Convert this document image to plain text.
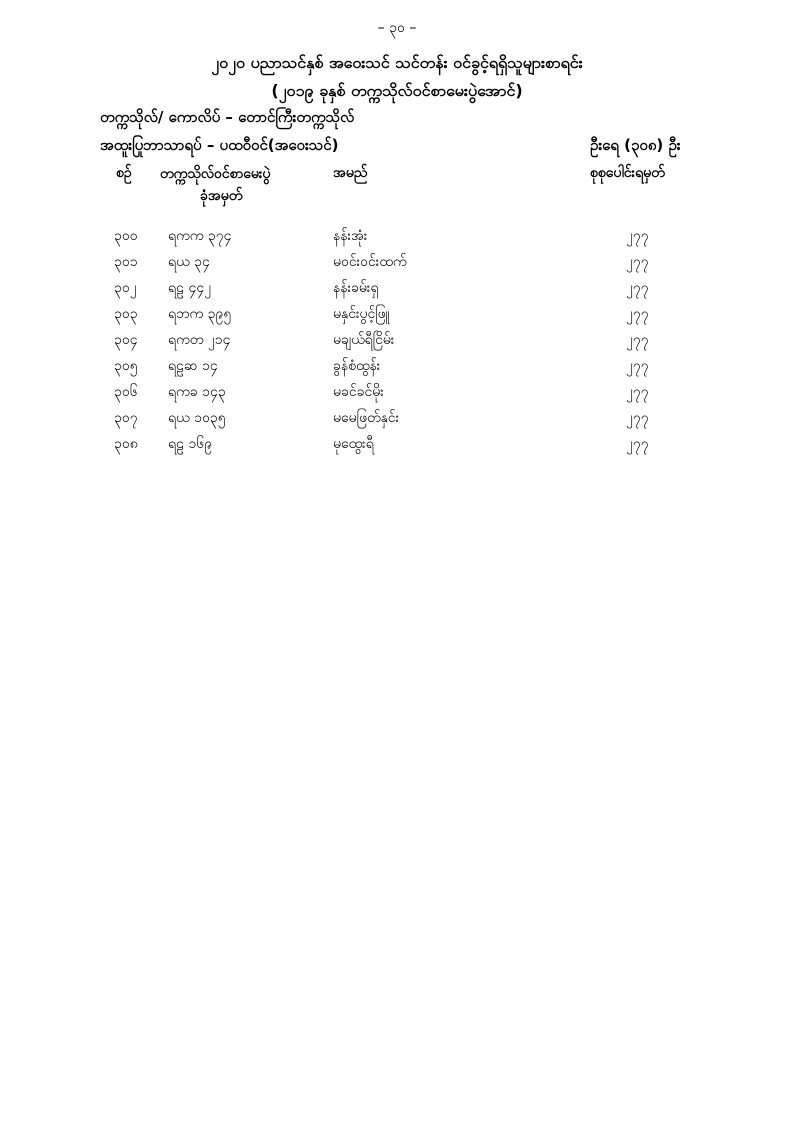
– ၃၀ –
၂၀၂၀ ပညာသင်နှစ် အဝေးသင် သင်တန်း ဝင်ခွင့်ရရှိသူများစာရင်း
(၂၀၁၉ ခုနှစ် တက္ကသိုလ်ဝင်စာမေးပွဲအောင်)
တက္ကသိုလ်/ ကောလိပ် – တောင်ကြီးတက္ကသိုလ်
အထူးပြုဘာသာရပ် – ပထဝီဝင်(အဝေးသင်)	ဦးရေ (၃၀၈) ဦး
စဉ် တက္ကသိုလ်ဝင်စာမေးပွဲ
ခုံအမှတ်
အမည်	စုစုပေါင်းရမှတ်
၃၀၀ ရကက ၃၇၄	နန်းအုံး	၂၇၇
၃၀၁ ရယ ၃၄	မဝင်းဝင်းထက်	၂၇၇
၃၀၂ ရဠ ၄၄၂	နန်းခမ်းရှ	၂၇၇
၃၀၃ ရဘက ၃၉၅	မနှင်းပွင့်ဖြူ	၂၇၇
၃၀၄ ရကတ ၂၁၄	မချယ်ရီငြိမ်း	၂၇၇
၃၀၅ ရဠဆ ၁၄	ခွန်စံထွန်း	၂၇၇
၃၀၆ ရကခ ၁၄၃	မခင်ခင်မိုး	၂၇၇
၃၀၇ ရယ ၁၀၃၅	မမေဖြတ်နှင်း	၂၇၇
၃၀၈ ရဠ ၁၆၉	မုထွေးရီ	၂၇၇
